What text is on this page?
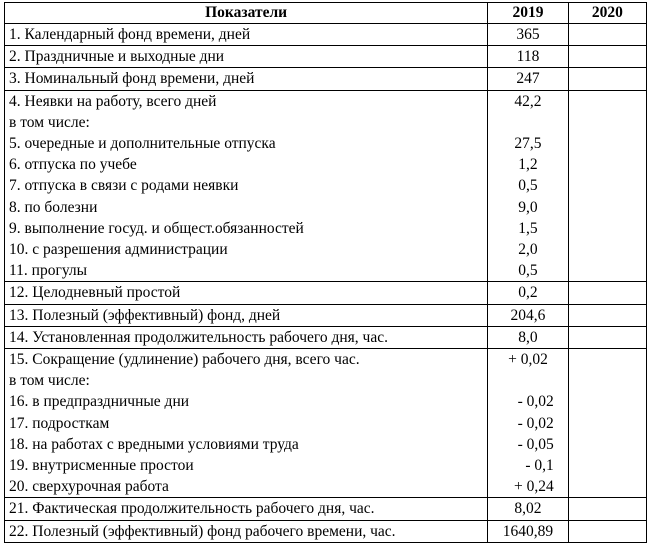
Показатели	2019	2020
1. Календарный фонд времени, дней	365	
2. Праздничные и выходные дни	118	
3. Номинальный фонд времени, дней	247	
4. Неявки на работу, всего дней	42,2	
в том числе:		
5. очередные и дополнительные отпуска	27,5	
6. отпуска по учебе	1,2	
7. отпуска в связи с родами неявки	0,5	
8. по болезни	9,0	
9. выполнение госуд. и общест.обязанностей	1,5	
10. с разрешения администрации	2,0	
11. прогулы	0,5	
12. Целодневный простой	0,2	
13. Полезный (эффективный) фонд, дней	204,6	
14. Установленная продолжительность рабочего дня, час.	8,0	
15. Сокращение (удлинение) рабочего дня, всего час.	+ 0,02	
в том числе:		
16. в предпраздничные дни	- 0,02	
17. подросткам	- 0,02	
18. на работах с вредными условиями труда	- 0,05	
19. внутрисменные простои	- 0,1	
20. сверхурочная работа	+ 0,24	
21. Фактическая продолжительность рабочего дня, час.	8,02	
22. Полезный (эффективный) фонд рабочего времени, час.	1640,89	
